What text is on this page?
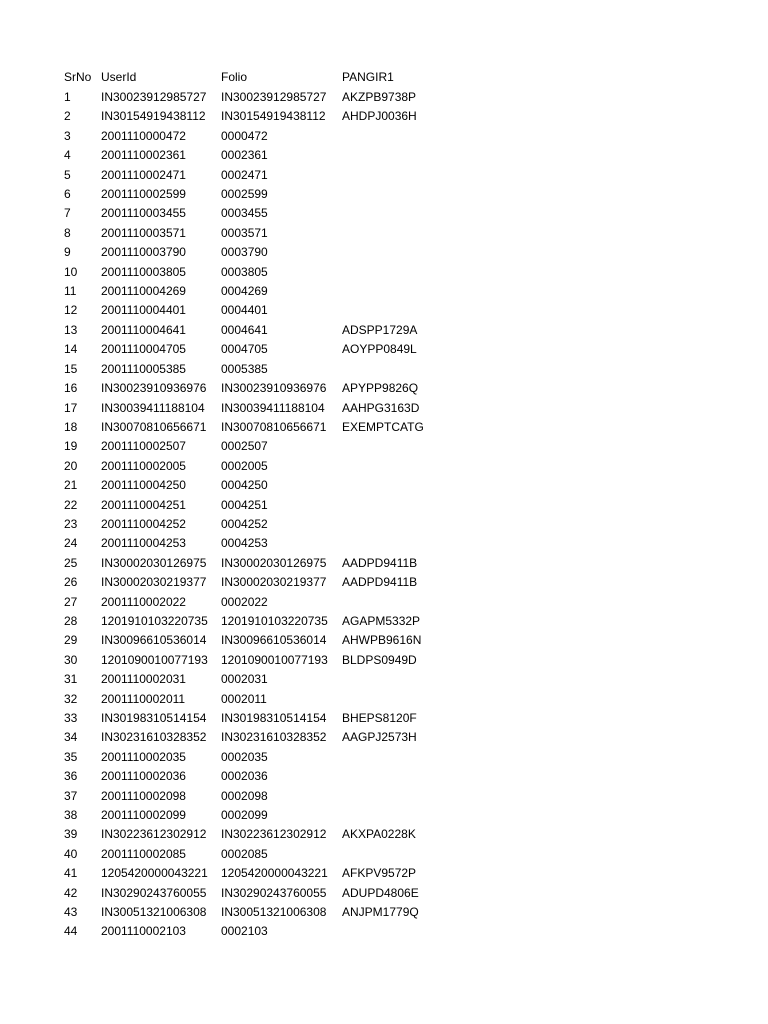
SrNo	UserId	Folio	PANGIR1
1	IN30023912985727	IN30023912985727	AKZPB9738P
2	IN30154919438112	IN30154919438112	AHDPJ0036H
3	2001110000472	0000472	
4	2001110002361	0002361	
5	2001110002471	0002471	
6	2001110002599	0002599	
7	2001110003455	0003455	
8	2001110003571	0003571	
9	2001110003790	0003790	
10	2001110003805	0003805	
11	2001110004269	0004269	
12	2001110004401	0004401	
13	2001110004641	0004641	ADSPP1729A
14	2001110004705	0004705	AOYPP0849L
15	2001110005385	0005385	
16	IN30023910936976	IN30023910936976	APYPP9826Q
17	IN30039411188104	IN30039411188104	AAHPG3163D
18	IN30070810656671	IN30070810656671	EXEMPTCATG
19	2001110002507	0002507	
20	2001110002005	0002005	
21	2001110004250	0004250	
22	2001110004251	0004251	
23	2001110004252	0004252	
24	2001110004253	0004253	
25	IN30002030126975	IN30002030126975	AADPD9411B
26	IN30002030219377	IN30002030219377	AADPD9411B
27	2001110002022	0002022	
28	1201910103220735	1201910103220735	AGAPM5332P
29	IN30096610536014	IN30096610536014	AHWPB9616N
30	1201090010077193	1201090010077193	BLDPS0949D
31	2001110002031	0002031	
32	2001110002011	0002011	
33	IN30198310514154	IN30198310514154	BHEPS8120F
34	IN30231610328352	IN30231610328352	AAGPJ2573H
35	2001110002035	0002035	
36	2001110002036	0002036	
37	2001110002098	0002098	
38	2001110002099	0002099	
39	IN30223612302912	IN30223612302912	AKXPA0228K
40	2001110002085	0002085	
41	1205420000043221	1205420000043221	AFKPV9572P
42	IN30290243760055	IN30290243760055	ADUPD4806E
43	IN30051321006308	IN30051321006308	ANJPM1779Q
44	2001110002103	0002103	
